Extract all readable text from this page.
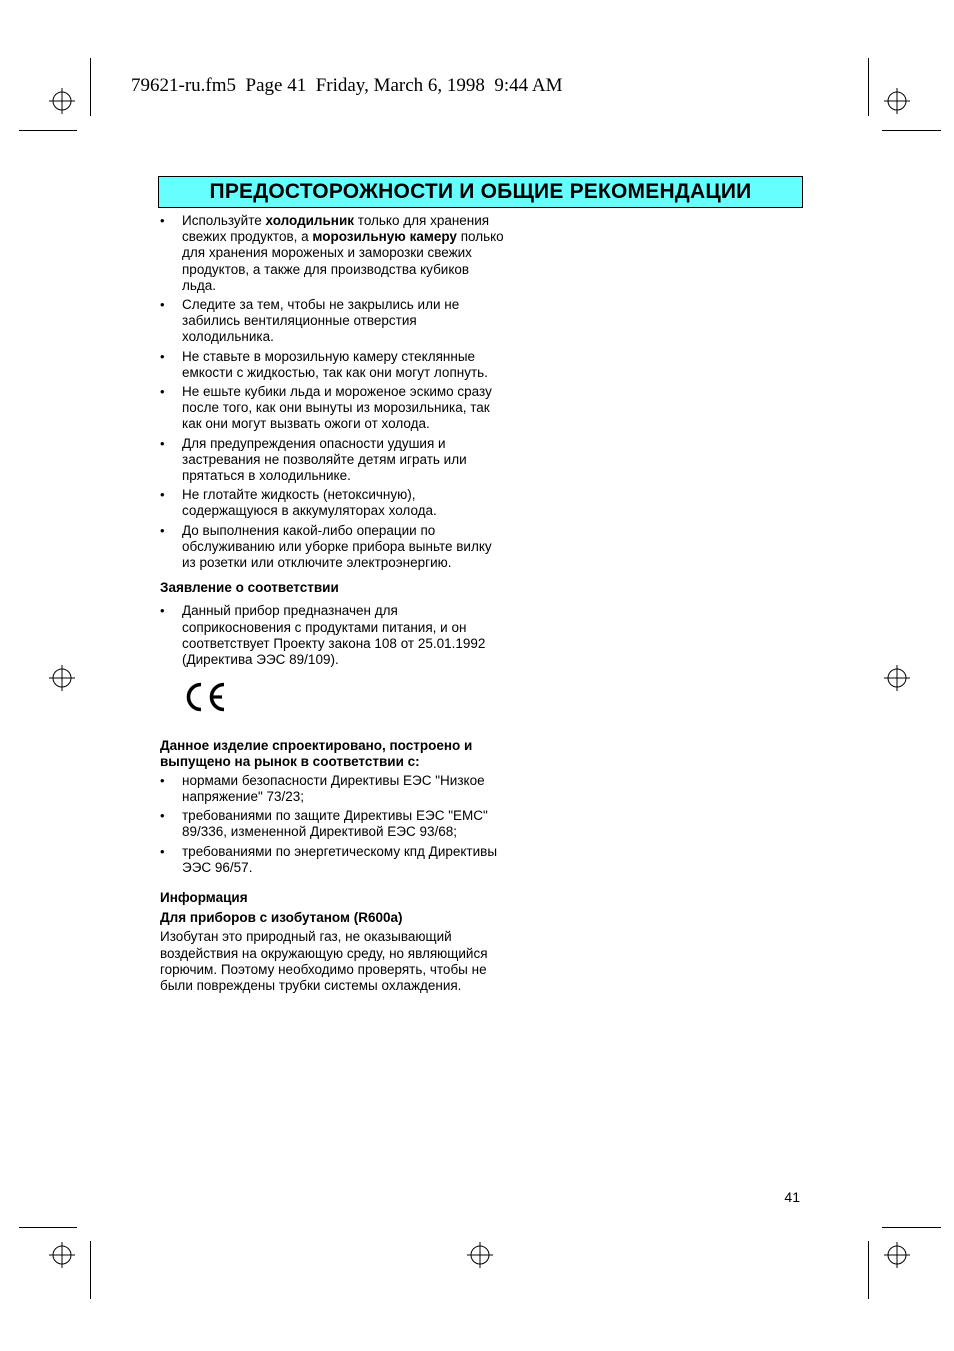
79621-ru.fm5  Page 41  Friday, March 6, 1998  9:44 AM
ПРЕДОСТОРОЖНОСТИ И ОБЩИЕ РЕКОМЕНДАЦИИ
• Используйте холодильник только для хранения свежих продуктов, а морозильную камеру полько для хранения мороженых и заморозки свежих продуктов, а также для производства кубиков льда.
• Следите за тем, чтобы не закрылись или не забились вентиляционные отверстия холодильника.
• Не ставьте в морозильную камеру стеклянные емкости с жидкостью, так как они могут лопнуть.
• Не ешьте кубики льда и мороженое эскимо сразу после того, как они вынуты из морозильника, так как они могут вызвать ожоги от холода.
• Для предупреждения опасности удушия и застревания не позволяйте детям играть или прятаться в холодильнике.
• Не глотайте жидкость (нетоксичную), содержащуюся в аккумуляторах холода.
• До выполнения какой-либо операции по обслуживанию или уборке прибора выньте вилку из розетки или отключите электроэнергию.
Заявление о соответствии
• Данный прибор предназначен для соприкосновения с продуктами питания, и он соответствует Проекту закона 108 от 25.01.1992 (Директива ЭЭС 89/109).
Данное изделие спроектировано, построено и выпущено на рынок в соответствии с:
• нормами безопасности Директивы ЕЭС "Низкое напряжение" 73/23;
• требованиями по защите Директивы ЕЭС "EMC" 89/336, измененной Директивой ЕЭС 93/68;
• требованиями по энергетическому кпд Директивы ЭЭС 96/57.
Информация
Для приборов с изобутаном (R600a)

Изобутан это природный газ, не оказывающий воздействия на окружающую среду, но являющийся горючим. Поэтому необходимо проверять, чтобы не были повреждены трубки системы охлаждения.

41
